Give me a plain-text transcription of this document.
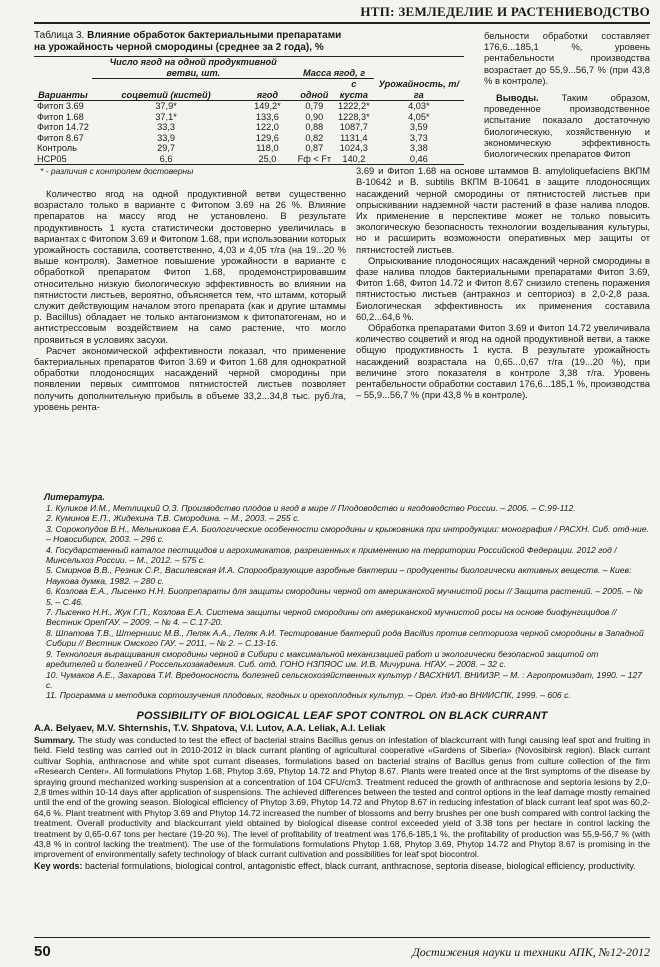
НТП: ЗЕМЛЕДЕЛИЕ И РАСТЕНИЕВОДСТВО
Таблица 3. Влияние обработок бактериальными препаратами на урожайность черной смородины (среднее за 2 года), %
Варианты	Число ягод на одной продуктивной ветви, шт.		Масса ягод, г		Урожайность, т/га
	соцветий (кистей)	ягод	одной	с куста	
Фитоп 3.69	37,9*	149,2*	0,79	1222,2*	4,03*
Фитоп 1.68	37,1*	133,6	0,90	1228,3*	4,05*
Фитоп 14.72	33,3	122,0	0,88	1087,7	3,59
Фитоп 8.67	33,9	129,6	0,82	1131,4	3,73
Контроль	29,7	118,0	0,87	1024,3	3,38
НСР05	6,6	25,0	Fф < Fт	140,2	0,46
* - различия с контролем достоверны

Количество ягод на одной продуктивной ветви существенно возрастало только в варианте с Фитопом 3.69 на 26 %. Влияние препаратов на массу ягод не установлено. В результате продуктивность 1 куста статистически достоверно увеличилась в вариантах с Фитопом 3.69 и Фитопом 1.68, при использовании которых урожайность составила, соответственно, 4,03 и 4,05 т/га (на 19...20 % выше контроля). Заметное повышение урожайности в варианте с обработкой препаратом Фитоп 1.68, продемонстрировавшим относительно низкую биологическую эффективность во влиянии на пятнистости листьев, вероятно, объясняется тем, что штамм, который служит действующим началом этого препарата (как и другие штаммы р. Bacillus) обладает не только антагонизмом к фитопатогенам, но и антистрессовым воздействием на само растение, что могло проявиться в условиях засухи.

Расчет экономической эффективности показал, что применение бактериальных препаратов Фитоп 3.69 и Фитоп 1.68 для однократной обработки плодоносящих насаждений черной смородины при появлении первых симптомов пятнистостей листьев позволяет получить дополнительную прибыль в объеме 33,2...34,8 тыс. руб./га, уровень рента-

бельности обработки составляет 176,6...185,1 %, уровень рентабельности производства возрастает до 55,9...56,7 % (при 43,8 % в контроле).

Выводы. Таким образом, проведенное производственное испытание показало достаточную биологическую, хозяйственную и экономическую эффективность биологических препаратов Фитоп

3.69 и Фитоп 1.68 на основе штаммов B. amyloliquefaciens ВКПМ В-10642 и B. subtilis ВКПМ В-10641 в защите плодоносящих насаждений черной смородины от пятнистостей листьев при опрыскивании надземной части растений в фазе налива плодов. Их применение в перспективе может не только повысить экологическую безопасность технологии возделывания культуры, но и расширить возможности оперативных мер защиты от пятнистостей листьев.

Опрыскивание плодоносящих насаждений черной смородины в фазе налива плодов бактериальными препаратами Фитоп 3.69, Фитоп 1.68, Фитоп 14.72 и Фитоп 8.67 снизило степень поражения пятнистостью листьев (антракноз и септориоз) в 2,0-2,8 раза. Биологическая эффективность их применения составила 60,2...64,6 %.

Обработка препаратами Фитоп 3.69 и Фитоп 14.72 увеличивала количество соцветий и ягод на одной продуктивной ветви, а также общую продуктивность 1 куста. В результате урожайность насаждений возрастала на 0,65...0,67 т/га (19...20 %), при величине этого показателя в контроле 3,38 т/га. Уровень рентабельности обработки составил 176,6...185,1 %, производства – 55,9...56,7 % (при 43,8 % в контроле).

Литература.
1. Куликов И.М., Метлицкий О.З. Производство плодов и ягод в мире // Плодоводство и ягодоводство России. – 2006. – С.99-112.
2. Куминов Е.П., Жидехина Т.В. Смородина. – М., 2003. – 255 с.
3. Сорокопудов В.Н., Мельникова Е.А. Биологические особенности смородины и крыжовника при интродукции: монография / РАСХН. Сиб. отд-ние. – Новосибирск, 2003. – 296 с.
4. Государственный каталог пестицидов и агрохимикатов, разрешенных к применению на территории Российской Федерации. 2012 год / Минсельхоз России. – М., 2012. – 575 с.
5. Смирнов В.В., Резник С.Р., Василевская И.А. Спорообразующие аэробные бактерии – продуценты биологически активных веществ. – Киев: Наукова думка, 1982. – 280 с.
6. Козлова Е.А., Лысенко Н.Н. Биопрепараты для защиты смородины черной от американской мучнистой росы // Защита растений. – 2005. – № 5. – С.46.
7. Лысенко Н.Н., Жук Г.П., Козлова Е.А. Система защиты черной смородины от американской мучнистой росы на основе биофунгицидов // Вестник ОрелГАУ. – 2009. – № 4. – С.17-20.
8. Шпатова Т.В., Штерншис М.В., Леляк А.А., Леляк А.И. Тестирование бактерий рода Bacillus против септориоза черной смородины в Западной Сибири // Вестник Омского ГАУ. – 2011. – № 2. – С.13-16.
9. Технология выращивания смородины черной в Сибири с максимальной механизацией работ и экологически безопасной защитой от вредителей и болезней / Россельхозакадемия. Сиб. отд. ГОНО НЗПЯОС им. И.В. Мичурина. НГАУ. – 2008. – 32 с.
10. Чумаков А.Е., Захарова Т.И. Вредоносность болезней сельскохозяйственных культур / ВАСХНИЛ. ВНИИЗР. – М. : Агропромиздат, 1990. – 127 с.
11. Программа и методика сортоизучения плодовых, ягодных и орехоплодных культур. – Орел. Изд-во ВНИИСПК, 1999. – 606 с.
POSSIBILITY OF BIOLOGICAL LEAF SPOT CONTROL ON BLACK CURRANT
A.A. Belyaev, M.V. Shternshis, T.V. Shpatova, V.I. Lutov, A.A. Leliak, A.I. Leliak

Summary. The study was conducted to test the effect of bacterial strains Bacillus genus on infestation of blackcurrant with fungi causing leaf spot and fruiting in field. Field testing was carried out in 2010-2012 in black currant planting of agricultural cooperative «Gardens of Siberia» (Novosibirsk region). Black currant cultivar Sophia, anthracnose and white spot currant diseases, formulations based on bacterial strains of Bacillus genus from culture collection of the firm «Research Center». All formulations Phytop 1.68, Phytop 3.69, Phytop 14.72 and Phytop 8.67. Plants were treated once at the first symptoms of the disease by spraying ground mechanized working suspension at a concentration of 104 CFU/cm3. Treatment reduced the growth of anthracnose and septoria lesions by 2,0-2,8 times within 10-14 days after application of suspensions. The achieved differences between the tested and control options in the leaf damage mostly remained until the end of the growing season. Biological efficiency of Phytop 3.69, Phytop 14.72 and Phytop 8.67 in reducing infestation of black currant leaf spot was 60,2-64,6 %. Plant treatment with Phytop 3.69 and Phytop 14.72 increased the number of blossoms and berry brushes per one bush compared with control lacking the treatment. Overall productivity and blackcurrant yield obtained by biological disease control exceeded yield of 3.38 tons per hectare in control lacking the treatment by 0,65-0.67 tons per hectare (19-20 %). The level of profitability of treatment was 176,6-185,1 %, the profitability of production was 55,9-56,7 % (with 43,8 % in control lacking the treatment). The use of the formulations formulations Phytop 1.68, Phytop 3.69, Phytop 14.72 and Phytop 8.67 is promising in the improvement of environmentally safety technology of black currant cultivation and possibilities for leaf spot biocontrol.

Key words: bacterial formulations, biological control, antagonistic effect, black currant, anthracnose, septoria disease, biological efficiency, productivity.

50	Достижения науки и техники АПК, №12-2012
